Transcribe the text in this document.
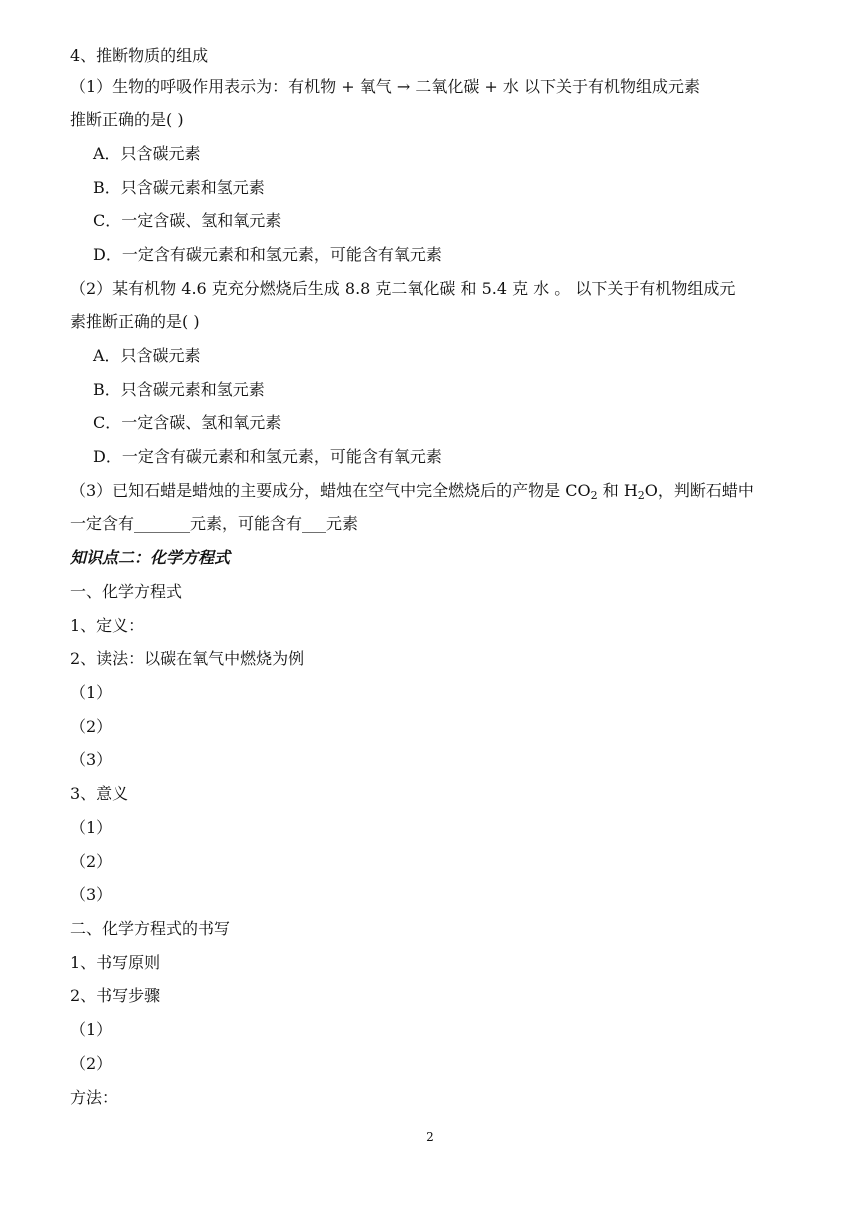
4、推断物质的组成
（1）生物的呼吸作用表示为：有机物 + 氧气 → 二氧化碳 + 水 以下关于有机物组成元素
推断正确的是( )
A．只含碳元素
B．只含碳元素和氢元素
C．一定含碳、氢和氧元素
D．一定含有碳元素和和氢元素，可能含有氧元素
（2）某有机物 4.6 克充分燃烧后生成 8.8 克二氧化碳 和 5.4 克 水 。 以下关于有机物组成元
素推断正确的是( )
A．只含碳元素
B．只含碳元素和氢元素
C．一定含碳、氢和氧元素
D．一定含有碳元素和和氢元素，可能含有氧元素
（3）已知石蜡是蜡烛的主要成分，蜡烛在空气中完全燃烧后的产物是 $CO_2$ 和 $H_2O$，判断石蜡中
一定含有_______元素，可能含有___元素
知识点二：化学方程式
一、化学方程式
1、定义：
2、读法：以碳在氧气中燃烧为例
（1）
（2）
（3）
3、意义
（1）
（2）
（3）
二、化学方程式的书写
1、书写原则
2、书写步骤
（1）
（2）
方法：
2
